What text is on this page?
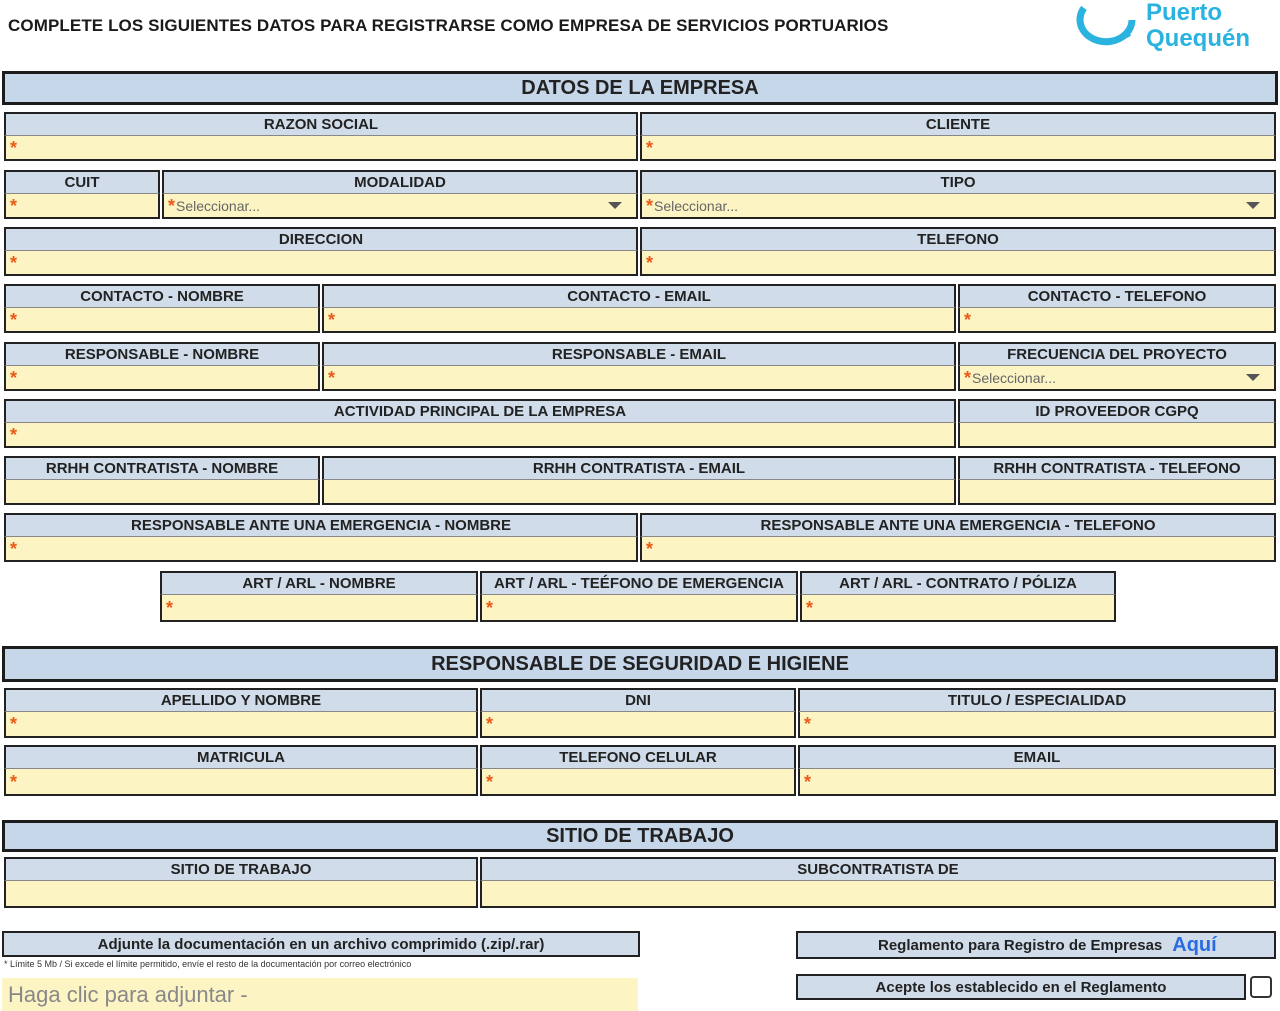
COMPLETE LOS SIGUIENTES DATOS PARA REGISTRARSE COMO EMPRESA DE SERVICIOS PORTUARIOS	Puerto
Quequén
DATOS DE LA EMPRESA
RAZON SOCIAL
*
CLIENTE
*
CUIT
*
MODALIDAD
* Seleccionar...
TIPO
* Seleccionar...
DIRECCION
*
TELEFONO
*
CONTACTO - NOMBRE
*
CONTACTO - EMAIL
*
CONTACTO - TELEFONO
*
RESPONSABLE - NOMBRE
*
RESPONSABLE - EMAIL
*
FRECUENCIA DEL PROYECTO
* Seleccionar...
ACTIVIDAD PRINCIPAL DE LA EMPRESA
*
ID PROVEEDOR CGPQ
RRHH CONTRATISTA - NOMBRE	RRHH CONTRATISTA - EMAIL	RRHH CONTRATISTA - TELEFONO
RESPONSABLE ANTE UNA EMERGENCIA - NOMBRE
*
RESPONSABLE ANTE UNA EMERGENCIA - TELEFONO
*
ART / ARL - NOMBRE
*
ART / ARL - TEÉFONO DE EMERGENCIA
*
ART / ARL - CONTRATO / PÓLIZA
*
RESPONSABLE DE SEGURIDAD E HIGIENE
APELLIDO Y NOMBRE
*
DNI
*
TITULO / ESPECIALIDAD
*
MATRICULA
*
TELEFONO CELULAR
*
EMAIL
*
SITIO DE TRABAJO
SITIO DE TRABAJO	SUBCONTRATISTA DE
Adjunte la documentación en un archivo comprimido (.zip/.rar)
* Límite 5 Mb / Si excede el límite permitido, envíe el resto de la documentación por correo electrónico
Haga clic para adjuntar -
Reglamento para Registro de Empresas Aquí
Acepte los establecido en el Reglamento
